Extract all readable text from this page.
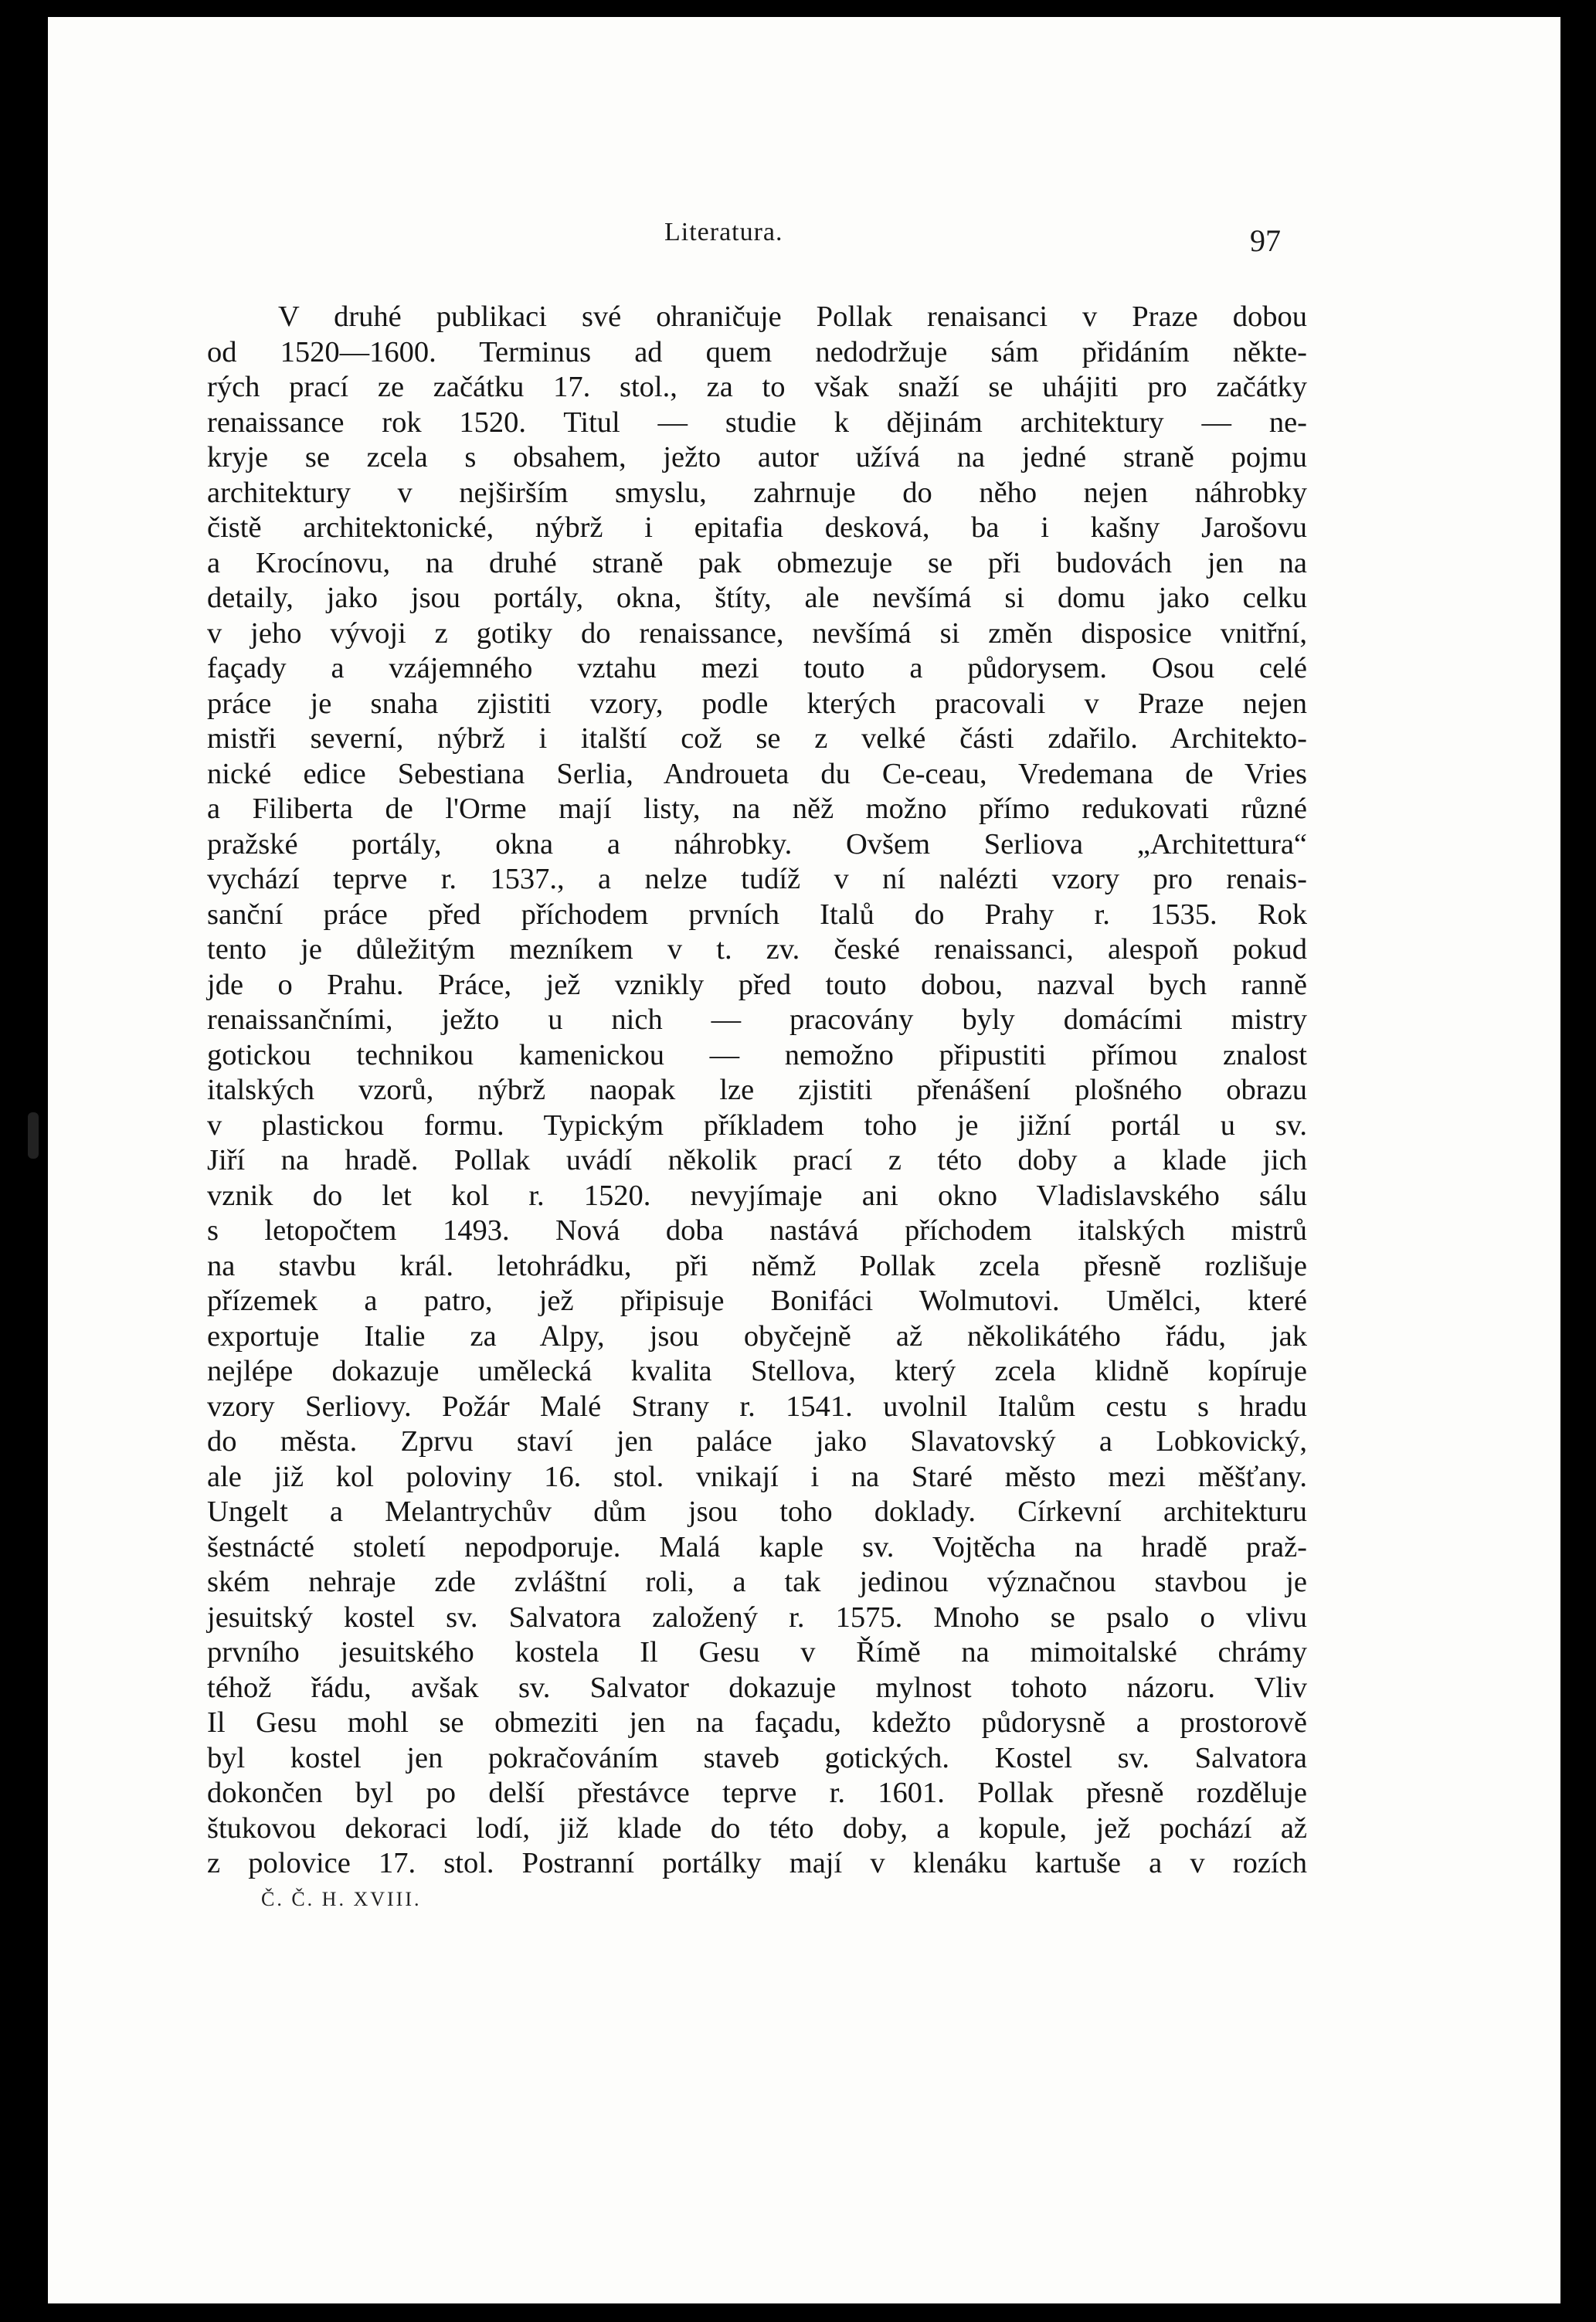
Literatura.	97
V druhé publikaci své ohraničuje Pollak renaisanci v Praze dobou
od 1520—1600. Terminus ad quem nedodržuje sám přidáním někte-
rých prací ze začátku 17. stol., za to však snaží se uhájiti pro začátky
renaissance rok 1520. Titul — studie k dějinám architektury — ne-
kryje se zcela s obsahem, ježto autor užívá na jedné straně pojmu
architektury v nejširším smyslu, zahrnuje do něho nejen náhrobky
čistě architektonické, nýbrž i epitafia desková, ba i kašny Jarošovu
a Krocínovu, na druhé straně pak obmezuje se při budovách jen na
detaily, jako jsou portály, okna, štíty, ale nevšímá si domu jako celku
v jeho vývoji z gotiky do renaissance, nevšímá si změn disposice vnitřní,
façady a vzájemného vztahu mezi touto a půdorysem. Osou celé
práce je snaha zjistiti vzory, podle kterých pracovali v Praze nejen
mistři severní, nýbrž i italští což se z velké části zdařilo. Architekto-
nické edice Sebestiana Serlia, Androueta du Ce-ceau, Vredemana de Vries
a Filiberta de l'Orme mají listy, na něž možno přímo redukovati různé
pražské portály, okna a náhrobky. Ovšem Serliova „Architettura“
vychází teprve r. 1537., a nelze tudíž v ní nalézti vzory pro renais-
sanční práce před příchodem prvních Italů do Prahy r. 1535. Rok
tento je důležitým mezníkem v t. zv. české renaissanci, alespoň pokud
jde o Prahu. Práce, jež vznikly před touto dobou, nazval bych ranně
renaissančními, ježto u nich — pracovány byly domácími mistry
gotickou technikou kamenickou — nemožno připustiti přímou znalost
italských vzorů, nýbrž naopak lze zjistiti přenášení plošného obrazu
v plastickou formu. Typickým příkladem toho je jižní portál u sv.
Jiří na hradě. Pollak uvádí několik prací z této doby a klade jich
vznik do let kol r. 1520. nevyjímaje ani okno Vladislavského sálu
s letopočtem 1493. Nová doba nastává příchodem italských mistrů
na stavbu král. letohrádku, při němž Pollak zcela přesně rozlišuje
přízemek a patro, jež připisuje Bonifáci Wolmutovi. Umělci, které
exportuje Italie za Alpy, jsou obyčejně až několikátého řádu, jak
nejlépe dokazuje umělecká kvalita Stellova, který zcela klidně kopíruje
vzory Serliovy. Požár Malé Strany r. 1541. uvolnil Italům cestu s hradu
do města. Zprvu staví jen paláce jako Slavatovský a Lobkovický,
ale již kol poloviny 16. stol. vnikají i na Staré město mezi měšťany.
Ungelt a Melantrychův dům jsou toho doklady. Církevní architekturu
šestnácté století nepodporuje. Malá kaple sv. Vojtěcha na hradě praž-
ském nehraje zde zvláštní roli, a tak jedinou význačnou stavbou je
jesuitský kostel sv. Salvatora založený r. 1575. Mnoho se psalo o vlivu
prvního jesuitského kostela Il Gesu v Římě na mimoitalské chrámy
téhož řádu, avšak sv. Salvator dokazuje mylnost tohoto názoru. Vliv
Il Gesu mohl se obmeziti jen na façadu, kdežto půdorysně a prostorově
byl kostel jen pokračováním staveb gotických. Kostel sv. Salvatora
dokončen byl po delší přestávce teprve r. 1601. Pollak přesně rozděluje
štukovou dekoraci lodí, již klade do této doby, a kopule, jež pochází až
z polovice 17. stol. Postranní portálky mají v klenáku kartuše a v rozích
Č. Č. H. XVIII.
